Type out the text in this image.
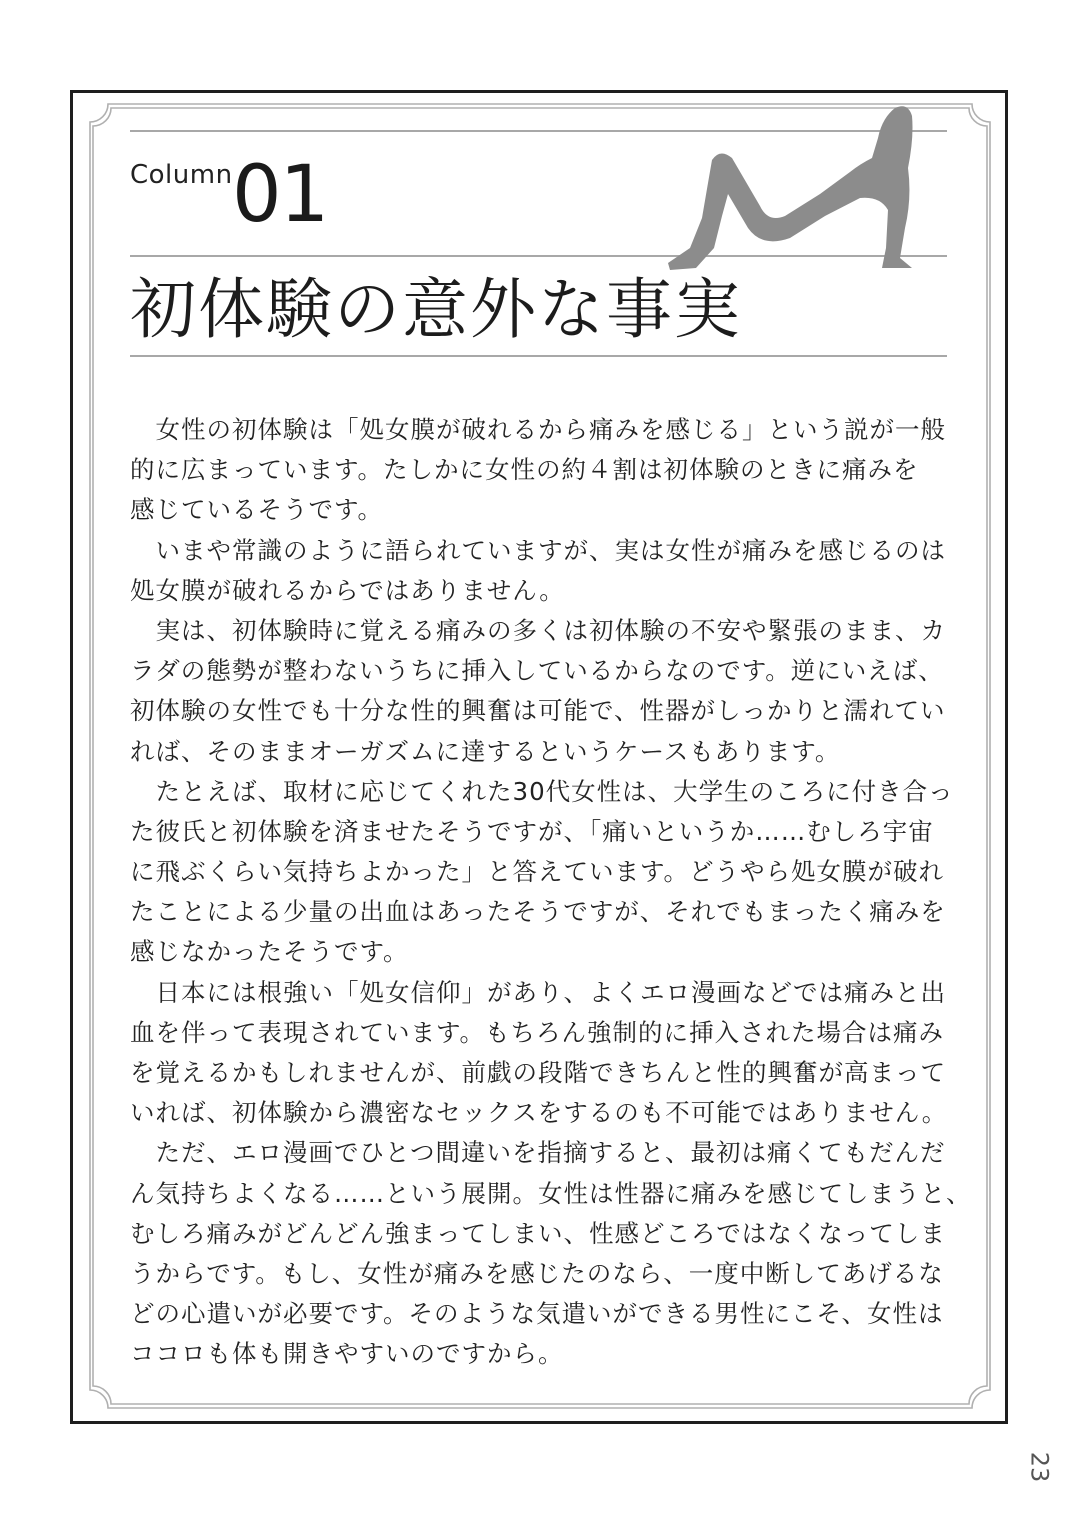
Column 01
初体験の意外な事実
　女性の初体験は「処女膜が破れるから痛みを感じる」という説が一般
的に広まっています。たしかに女性の約４割は初体験のときに痛みを
感じているそうです。
　いまや常識のように語られていますが、実は女性が痛みを感じるのは
処女膜が破れるからではありません。
　実は、初体験時に覚える痛みの多くは初体験の不安や緊張のまま、カ
ラダの態勢が整わないうちに挿入しているからなのです。逆にいえば、
初体験の女性でも十分な性的興奮は可能で、性器がしっかりと濡れてい
れば、そのままオーガズムに達するというケースもあります。
　たとえば、取材に応じてくれた30代女性は、大学生のころに付き合っ
た彼氏と初体験を済ませたそうですが、「痛いというか……むしろ宇宙
に飛ぶくらい気持ちよかった」と答えています。どうやら処女膜が破れ
たことによる少量の出血はあったそうですが、それでもまったく痛みを
感じなかったそうです。
　日本には根強い「処女信仰」があり、よくエロ漫画などでは痛みと出
血を伴って表現されています。もちろん強制的に挿入された場合は痛み
を覚えるかもしれませんが、前戯の段階できちんと性的興奮が高まって
いれば、初体験から濃密なセックスをするのも不可能ではありません。
　ただ、エロ漫画でひとつ間違いを指摘すると、最初は痛くてもだんだ
ん気持ちよくなる……という展開。女性は性器に痛みを感じてしまうと、
むしろ痛みがどんどん強まってしまい、性感どころではなくなってしま
うからです。もし、女性が痛みを感じたのなら、一度中断してあげるな
どの心遣いが必要です。そのような気遣いができる男性にこそ、女性は
ココロも体も開きやすいのですから。
23
